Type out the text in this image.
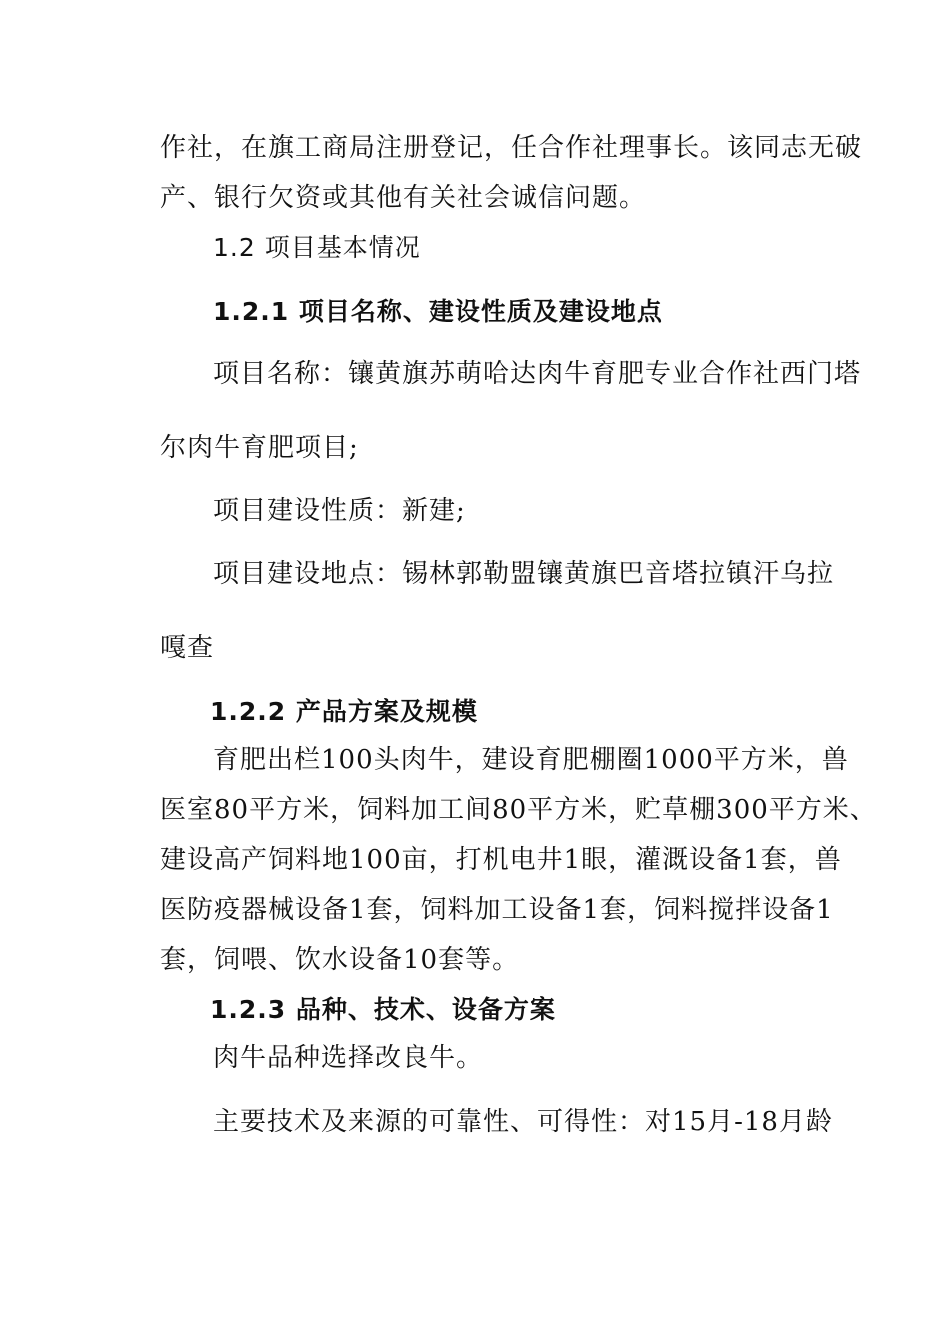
作社，在旗工商局注册登记，任合作社理事长。该同志无破
产、银行欠资或其他有关社会诚信问题。
1.2 项目基本情况
1.2.1 项目名称、建设性质及建设地点
项目名称：镶黄旗苏萌哈达肉牛育肥专业合作社西门塔
尔肉牛育肥项目;
项目建设性质：新建;
项目建设地点：锡林郭勒盟镶黄旗巴音塔拉镇汗乌拉
嘎查
1.2.2 产品方案及规模
育肥出栏100头肉牛，建设育肥棚圈1000平方米，兽
医室80平方米，饲料加工间80平方米，贮草棚300平方米、
建设高产饲料地100亩，打机电井1眼，灌溉设备1套，兽
医防疫器械设备1套，饲料加工设备1套，饲料搅拌设备1
套，饲喂、饮水设备10套等。
1.2.3 品种、技术、设备方案
肉牛品种选择改良牛。
主要技术及来源的可靠性、可得性：对15月-18月龄
